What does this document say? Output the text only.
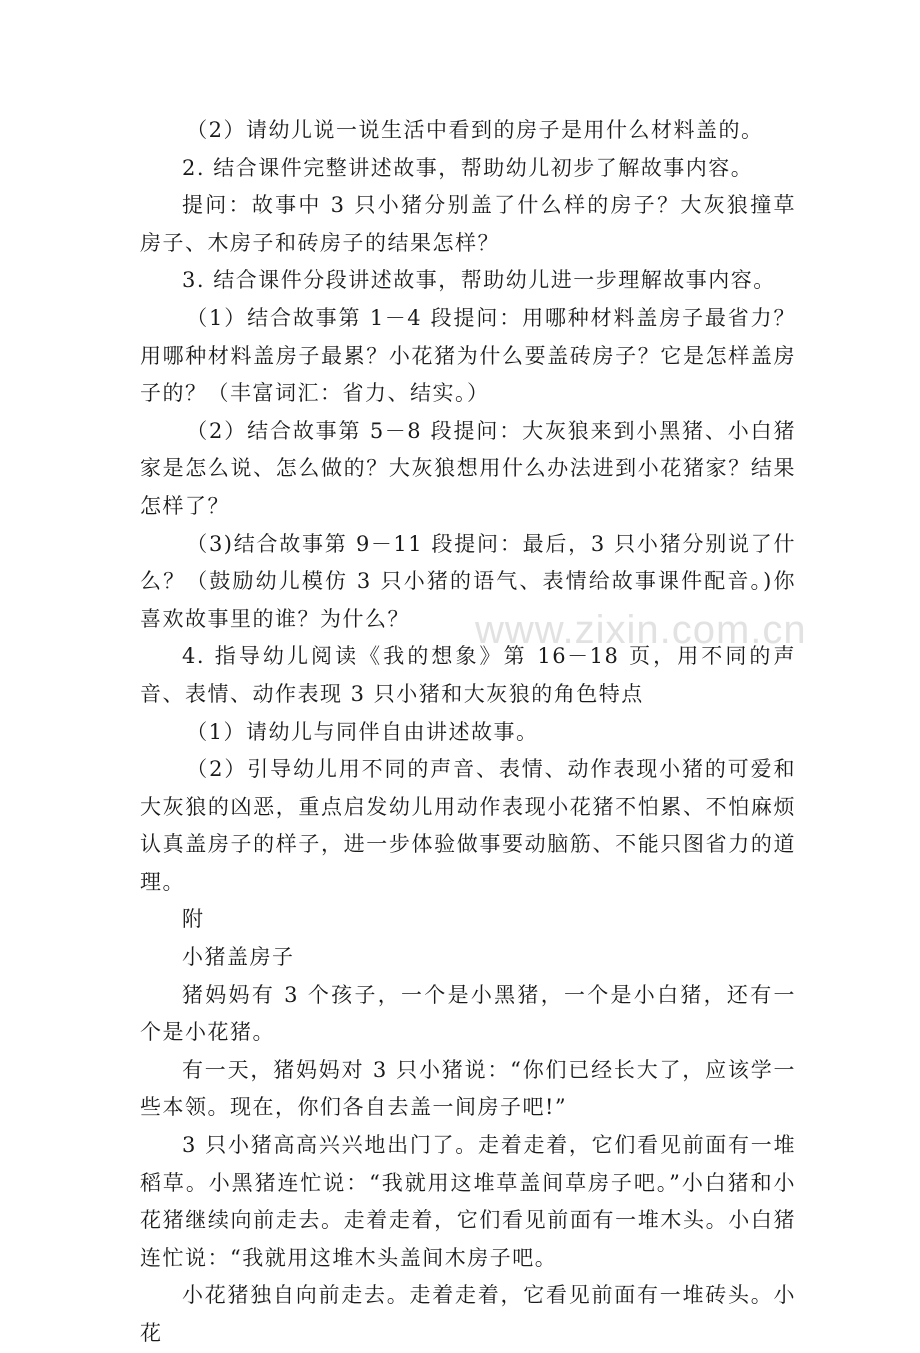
（2）请幼儿说一说生活中看到的房子是用什么材料盖的。

2. 结合课件完整讲述故事，帮助幼儿初步了解故事内容。

提问：故事中 3 只小猪分别盖了什么样的房子？大灰狼撞草房子、木房子和砖房子的结果怎样？

3. 结合课件分段讲述故事，帮助幼儿进一步理解故事内容。

（1）结合故事第 1－4 段提问：用哪种材料盖房子最省力？用哪种材料盖房子最累？小花猪为什么要盖砖房子？它是怎样盖房子的？（丰富词汇：省力、结实。）

（2）结合故事第 5－8 段提问：大灰狼来到小黑猪、小白猪家是怎么说、怎么做的？大灰狼想用什么办法进到小花猪家？结果怎样了？

（3)结合故事第 9－11 段提问：最后，3 只小猪分别说了什么？（鼓励幼儿模仿 3 只小猪的语气、表情给故事课件配音。)你喜欢故事里的谁？为什么？

4. 指导幼儿阅读《我的想象》第 16－18 页，用不同的声音、表情、动作表现 3 只小猪和大灰狼的角色特点

（1）请幼儿与同伴自由讲述故事。

（2）引导幼儿用不同的声音、表情、动作表现小猪的可爱和大灰狼的凶恶，重点启发幼儿用动作表现小花猪不怕累、不怕麻烦认真盖房子的样子，进一步体验做事要动脑筋、不能只图省力的道理。

附

小猪盖房子

猪妈妈有 3 个孩子，一个是小黑猪，一个是小白猪，还有一个是小花猪。

有一天，猪妈妈对 3 只小猪说：“你们已经长大了，应该学一些本领。现在，你们各自去盖一间房子吧!”

3 只小猪高高兴兴地出门了。走着走着，它们看见前面有一堆稻草。小黑猪连忙说：“我就用这堆草盖间草房子吧。”小白猪和小花猪继续向前走去。走着走着，它们看见前面有一堆木头。小白猪连忙说：“我就用这堆木头盖间木房子吧。

小花猪独自向前走去。走着走着，它看见前面有一堆砖头。小花

www.zixin.com.cn
